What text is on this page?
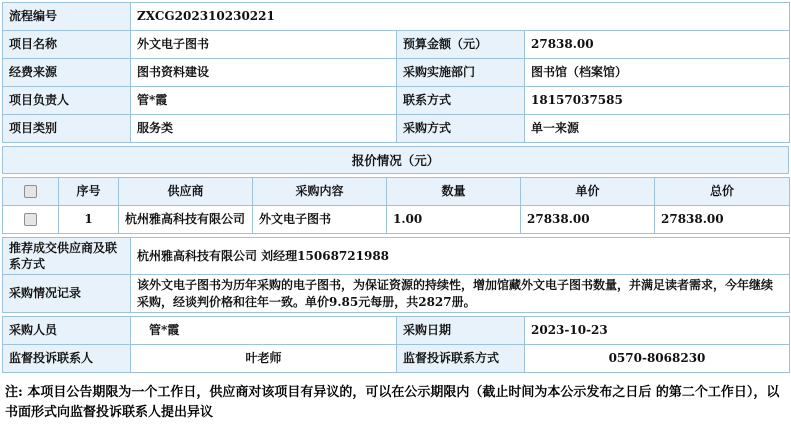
流程编号	ZXCG202310230221		
项目名称	外文电子图书	预算金额（元）	27838.00
经费来源	图书资料建设	采购实施部门	图书馆（档案馆）
项目负责人	管*霞	联系方式	18157037585
项目类别	服务类	采购方式	单一来源
报价情况（元）
	序号	供应商	采购内容	数量	单价	总价
	1	杭州雅高科技有限公司	外文电子图书	1.00	27838.00	27838.00
推荐成交供应商及联系方式	杭州雅高科技有限公司 刘经理15068721988
采购情况记录	该外文电子图书为历年采购的电子图书，为保证资源的持续性，增加馆藏外文电子图书数量，并满足读者需求，今年继续采购，经谈判价格和往年一致。单价9.85元每册，共2827册。
采购人员	管*霞	采购日期	2023-10-23
监督投诉联系人	叶老师	监督投诉联系方式	0570-8068230
注: 本项目公告期限为一个工作日，供应商对该项目有异议的，可以在公示期限内（截止时间为本公示发布之日后 的第二个工作日），以书面形式向监督投诉联系人提出异议
